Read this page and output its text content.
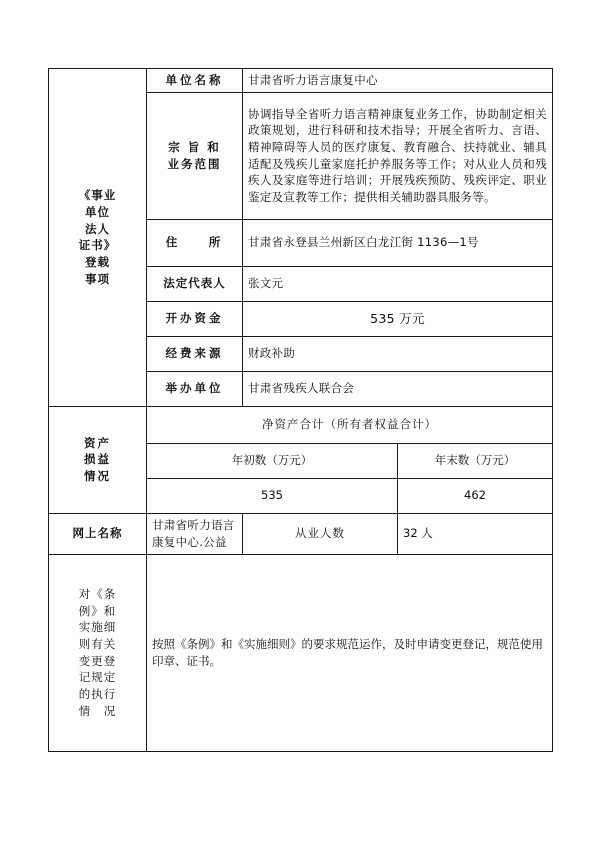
《事业
单位
法人
证书》
登载
事项
	单位名称	甘肃省听力语言康复中心

	宗 旨 和
业务范围	协调指导全省听力语言精神康复业务工作，协助制定相关政策规划，进行科研和技术指导；开展全省听力、言语、精神障碍等人员的医疗康复、教育融合、扶持就业、辅具适配及残疾儿童家庭托护养服务等工作；对从业人员和残疾人及家庭等进行培训；开展残疾预防、残疾评定、职业鉴定及宣教等工作；提供相关辅助器具服务等。	
	住 　 所	甘肃省永登县兰州新区白龙江街 1136—1号	
	法定代表人	张文元	
	开办资金	535 万元	
	经费来源	财政补助	
	举办单位	甘肃省残疾人联合会	

资产
损益
情况	净资产合计（所有者权益合计）		
	年初数（万元）		年末数（万元）
	535		462
网上名称	甘肃省听力语言康复中心.公益	从业人数	32 人

对《条
例》和
实施细
则有关
变更登
记规定
的执行
情　况
	按照《条例》和《实施细则》的要求规范运作，及时申请变更登记，规范使用印章、证书。
